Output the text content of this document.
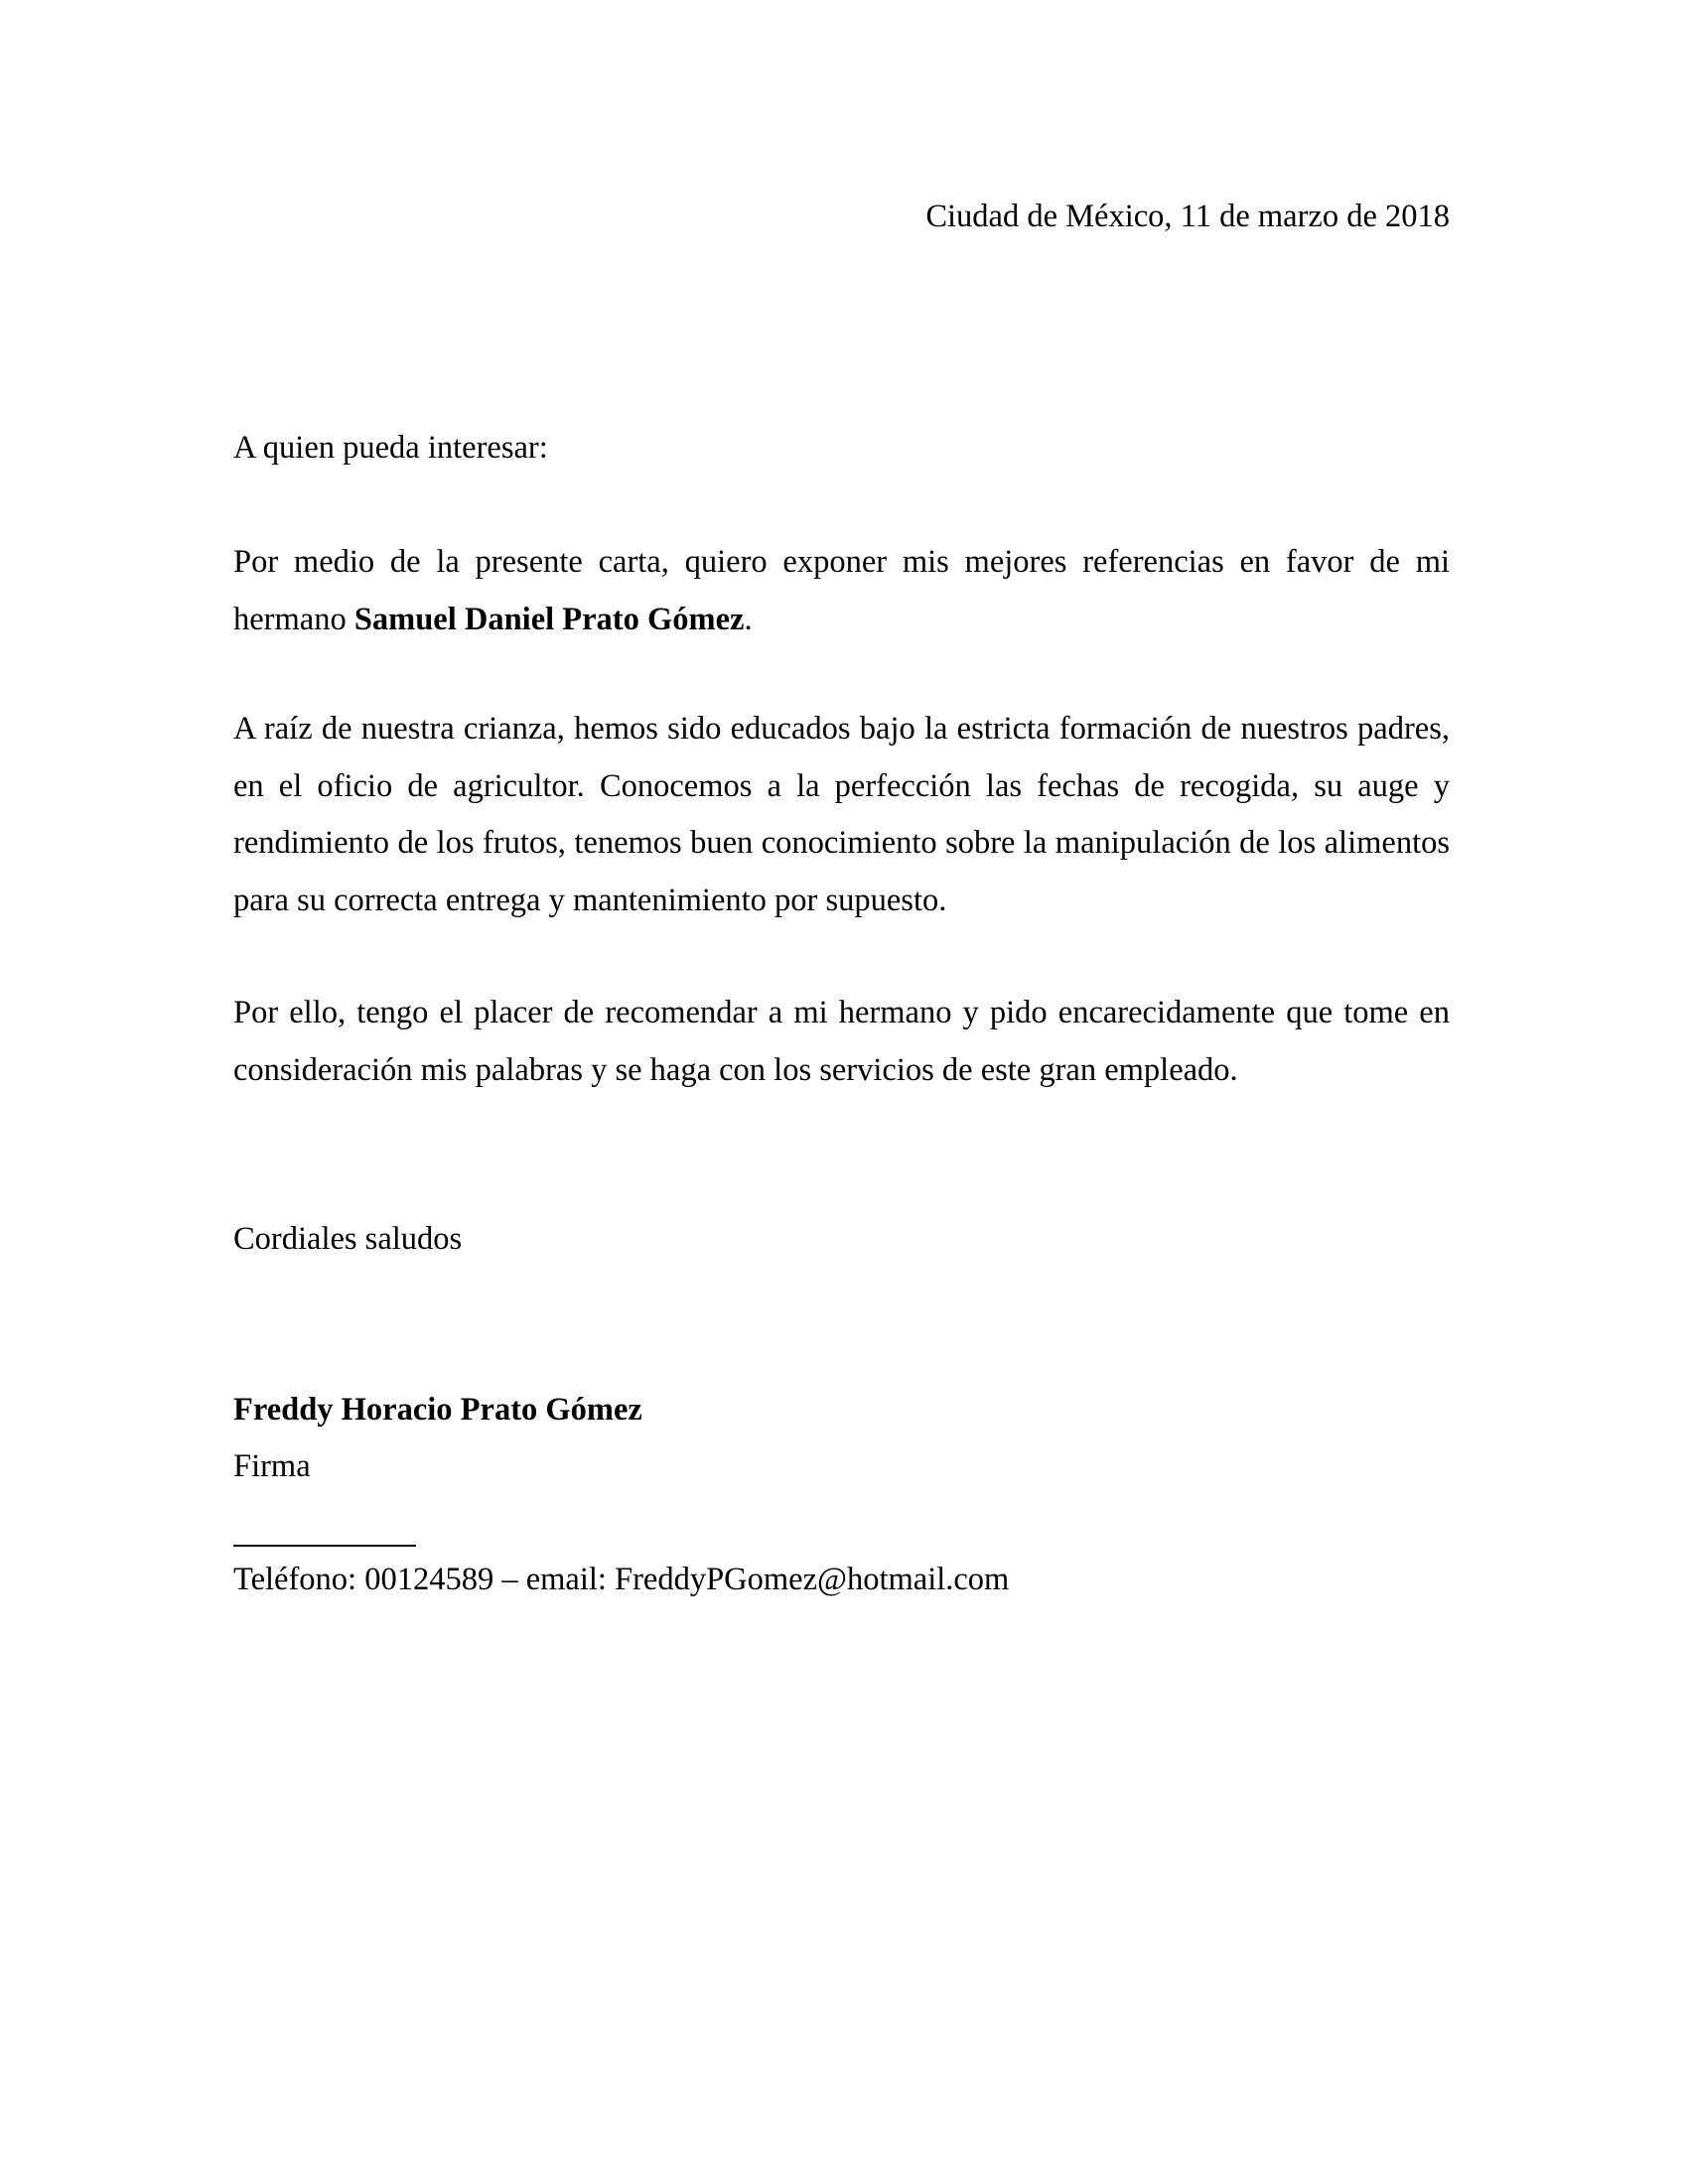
Ciudad de México, 11 de marzo de 2018
A quien pueda interesar:
Por medio de la presente carta, quiero exponer mis mejores referencias en favor de mi hermano Samuel Daniel Prato Gómez.
A raíz de nuestra crianza, hemos sido educados bajo la estricta formación de nuestros padres, en el oficio de agricultor. Conocemos a la perfección las fechas de recogida, su auge y rendimiento de los frutos, tenemos buen conocimiento sobre la manipulación de los alimentos para su correcta entrega y mantenimiento por supuesto.
Por ello, tengo el placer de recomendar a mi hermano y pido encarecidamente que tome en consideración mis palabras y se haga con los servicios de este gran empleado.
Cordiales saludos
Freddy Horacio Prato Gómez
Firma
Teléfono: 00124589 – email: FreddyPGomez@hotmail.com
